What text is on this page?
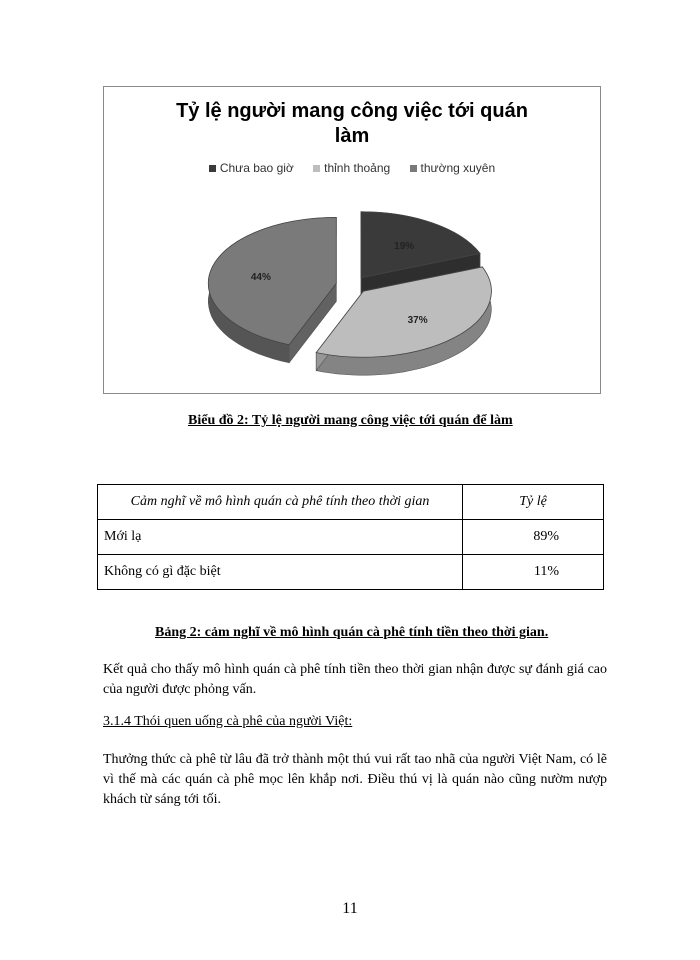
Tỷ lệ người mang công việc tới quán
làm
Chưa bao giờ	thỉnh thoảng	thường xuyên
19%
37%
44%
Biểu đồ 2: Tỷ lệ người mang công việc tới quán để làm
Cảm nghĩ về mô hình quán cà phê tính theo thời gian	Tỷ lệ
Mới lạ	89%
Không có gì đặc biệt	11%
Bảng 2: cảm nghĩ về mô hình quán cà phê tính tiền theo thời gian.
Kết quả cho thấy mô hình quán cà phê tính tiền theo thời gian nhận được sự đánh giá cao của người được phỏng vấn.
3.1.4 Thói quen uống cà phê của người Việt:
Thưởng thức cà phê từ lâu đã trở thành một thú vui rất tao nhã của người Việt Nam, có lẽ vì thế mà các quán cà phê mọc lên khắp nơi. Điều thú vị là quán nào cũng nườm nượp khách từ sáng tới tối.
11
